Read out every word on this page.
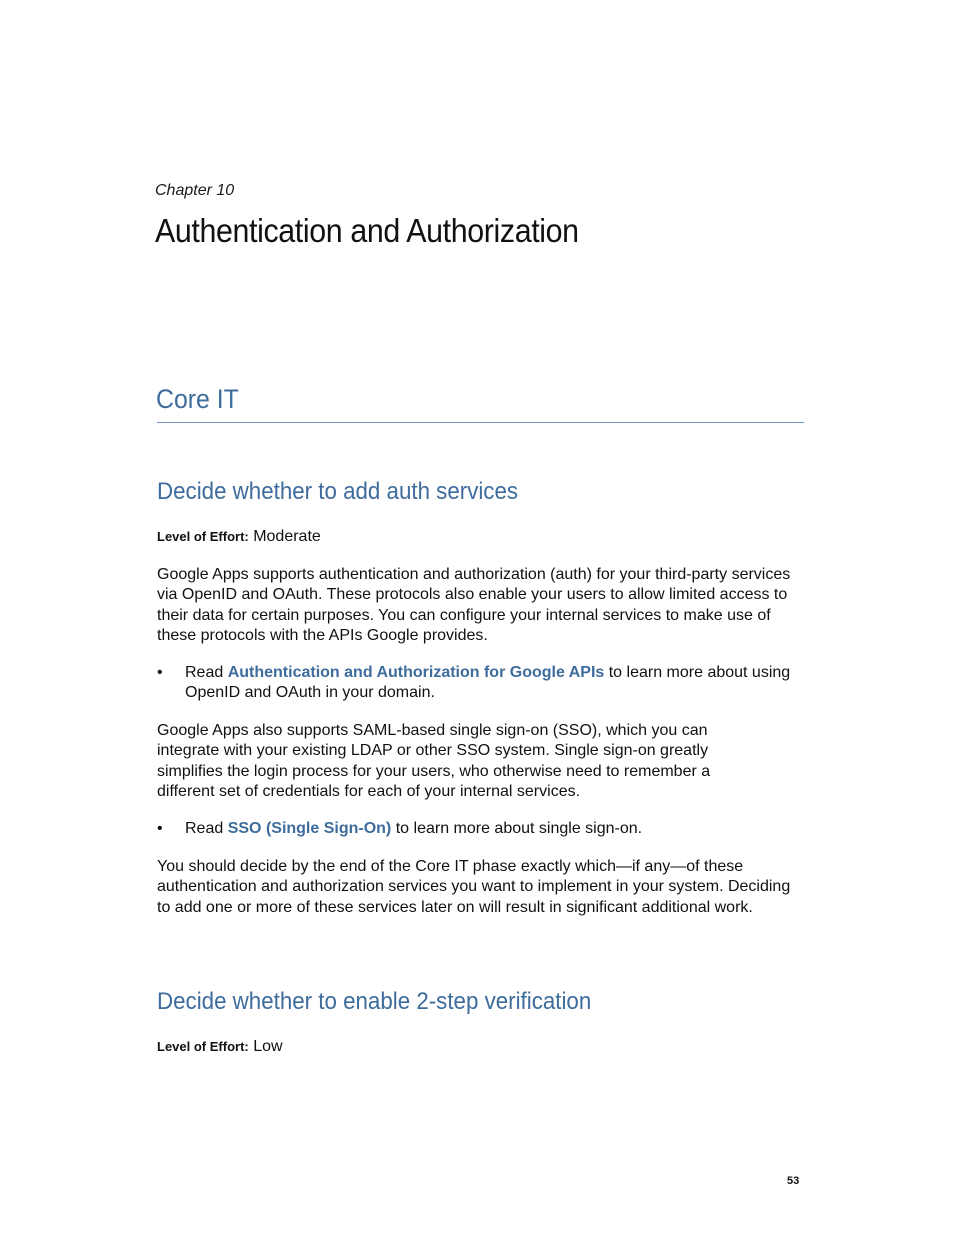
Chapter 10
Authentication and Authorization
Core IT
Decide whether to add auth services
Level of Effort: Moderate
Google Apps supports authentication and authorization (auth) for your third-party services via OpenID and OAuth. These protocols also enable your users to allow limited access to their data for certain purposes. You can configure your internal services to make use of these protocols with the APIs Google provides.
• Read Authentication and Authorization for Google APIs to learn more about using OpenID and OAuth in your domain.
Google Apps also supports SAML-based single sign-on (SSO), which you can integrate with your existing LDAP or other SSO system. Single sign-on greatly simplifies the login process for your users, who otherwise need to remember a different set of credentials for each of your internal services.
• Read SSO (Single Sign-On) to learn more about single sign-on.
You should decide by the end of the Core IT phase exactly which—if any—of these authentication and authorization services you want to implement in your system. Deciding to add one or more of these services later on will result in significant additional work.
Decide whether to enable 2-step verification
Level of Effort: Low
53
